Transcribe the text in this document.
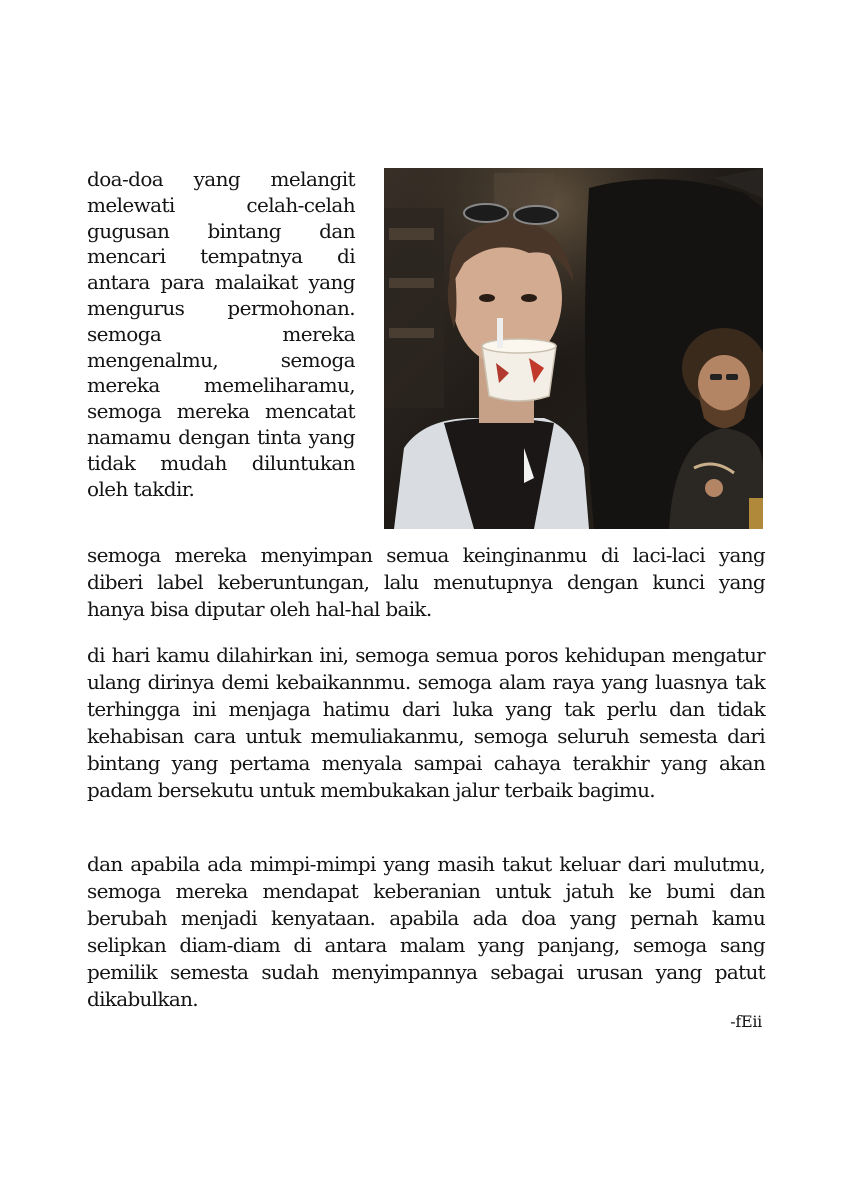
doa-doa yang melangit melewati celah-celah gugusan bintang dan mencari tempatnya di antara para malaikat yang mengurus permohonan. semoga mereka mengenalmu, semoga mereka memeliharamu, semoga mereka mencatat namamu dengan tinta yang tidak mudah diluntukan oleh takdir.

semoga mereka menyimpan semua keinginanmu di laci-laci yang diberi label keberuntungan, lalu menutupnya dengan kunci yang hanya bisa diputar oleh hal-hal baik.

di hari kamu dilahirkan ini, semoga semua poros kehidupan mengatur ulang dirinya demi kebaikannmu. semoga alam raya yang luasnya tak terhingga ini menjaga hatimu dari luka yang tak perlu dan tidak kehabisan cara untuk memuliakanmu, semoga seluruh semesta dari bintang yang pertama menyala sampai cahaya terakhir yang akan padam bersekutu untuk membukakan jalur terbaik bagimu.

dan apabila ada mimpi-mimpi yang masih takut keluar dari mulutmu, semoga mereka mendapat keberanian untuk jatuh ke bumi dan berubah menjadi kenyataan. apabila ada doa yang pernah kamu selipkan diam-diam di antara malam yang panjang, semoga sang pemilik semesta sudah menyimpannya sebagai urusan yang patut dikabulkan.

-fEii
